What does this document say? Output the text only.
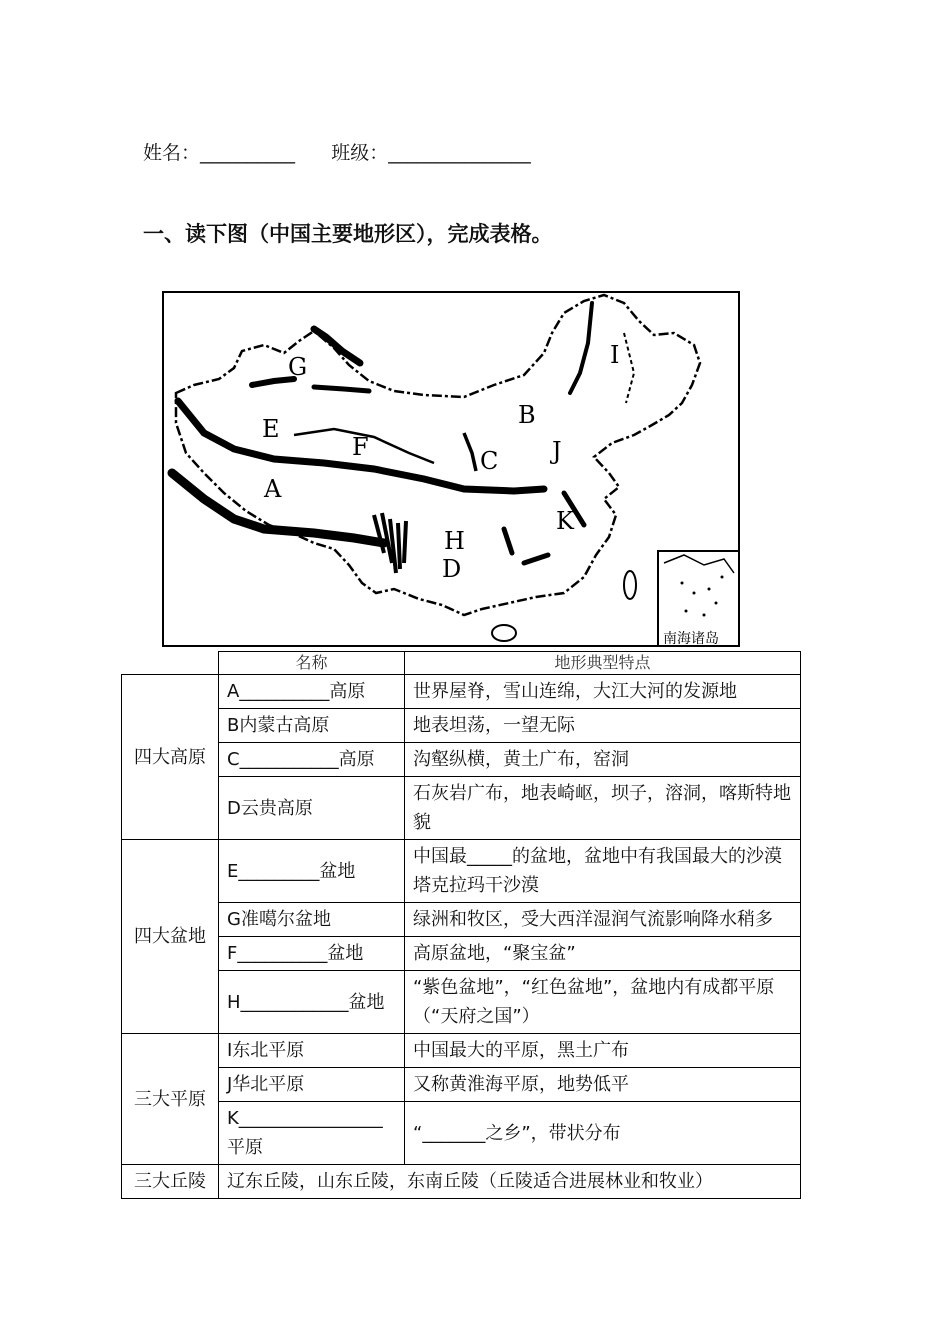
姓名：__________ 班级：_______________
一、读下图（中国主要地形区），完成表格。
南海诸岛
A
B
C
D
E
F
G
H
I
J
K
	名称	地形典型特点
四大高原	A__________高原	世界屋脊，雪山连绵，大江大河的发源地
	B内蒙古高原	地表坦荡，一望无际
	C___________高原	沟壑纵横，黄土广布，窑洞
	D云贵高原	石灰岩广布，地表崎岖，坝子，溶洞，喀斯特地貌
四大盆地	E_________盆地	中国最_____的盆地，盆地中有我国最大的沙漠塔克拉玛干沙漠
	G准噶尔盆地	绿洲和牧区，受大西洋湿润气流影响降水稍多
	F__________盆地	高原盆地，“聚宝盆”
	H____________盆地	“紫色盆地”，“红色盆地”，盆地内有成都平原（“天府之国”）
三大平原	I东北平原	中国最大的平原，黑土广布
	J华北平原	又称黄淮海平原，地势低平
	K________________ 平原	“_______之乡”，带状分布
三大丘陵	辽东丘陵，山东丘陵，东南丘陵（丘陵适合进展林业和牧业）	
